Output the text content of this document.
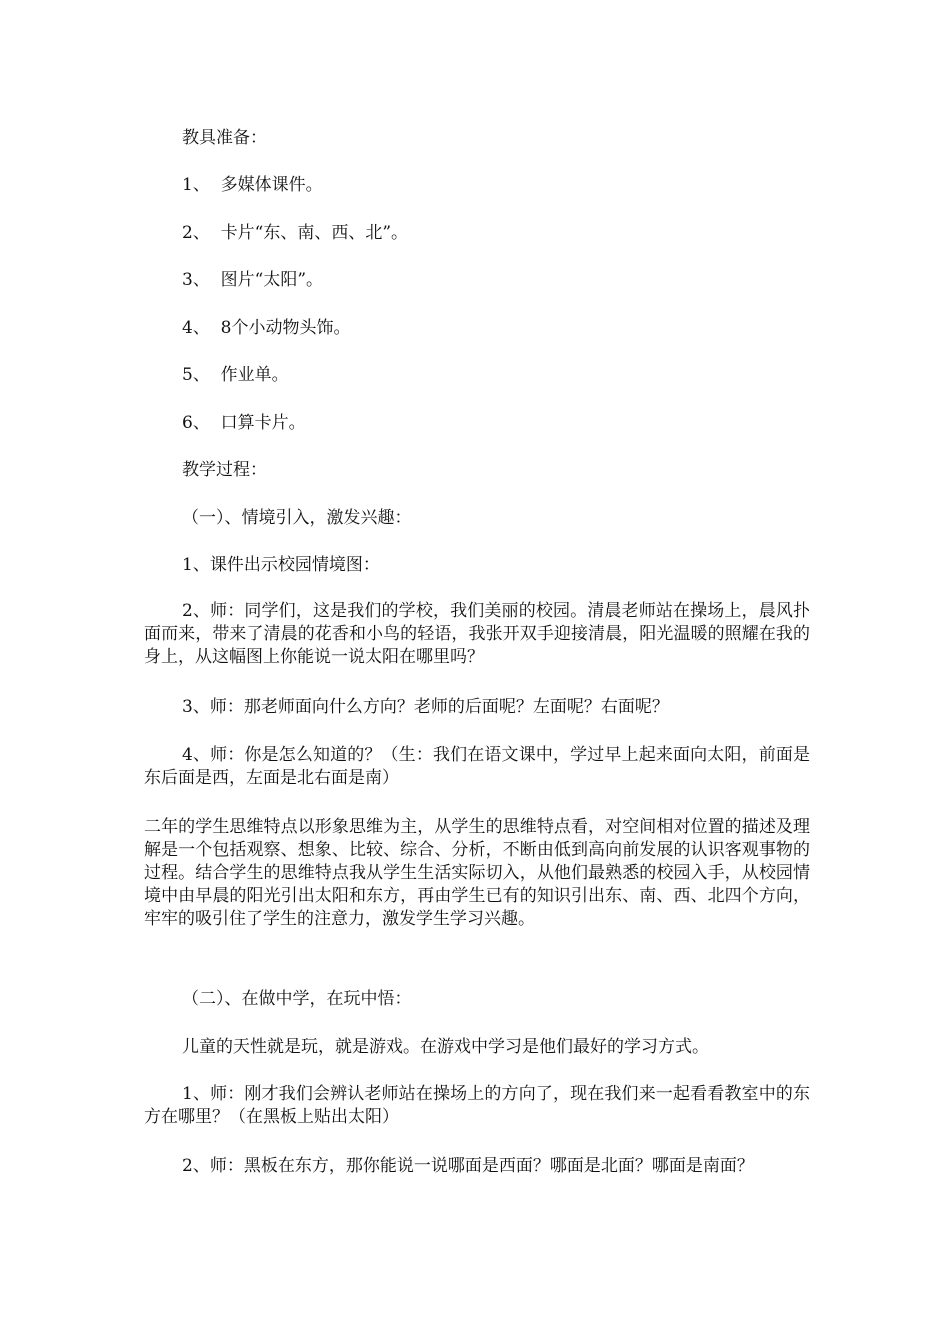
教具准备：

1、  多媒体课件。

2、  卡片“东、南、西、北”。

3、  图片“太阳”。

4、  8个小动物头饰。

5、  作业单。

6、  口算卡片。

教学过程：

（一）、情境引入，激发兴趣：

1、课件出示校园情境图：

2、师：同学们，这是我们的学校，我们美丽的校园。清晨老师站在操场上，晨风扑面而来，带来了清晨的花香和小鸟的轻语，我张开双手迎接清晨，阳光温暖的照耀在我的身上，从这幅图上你能说一说太阳在哪里吗？

3、师：那老师面向什么方向？老师的后面呢？左面呢？右面呢？

4、师：你是怎么知道的？（生：我们在语文课中，学过早上起来面向太阳，前面是东后面是西，左面是北右面是南）

二年的学生思维特点以形象思维为主，从学生的思维特点看，对空间相对位置的描述及理解是一个包括观察、想象、比较、综合、分析，不断由低到高向前发展的认识客观事物的过程。结合学生的思维特点我从学生生活实际切入，从他们最熟悉的校园入手，从校园情境中由早晨的阳光引出太阳和东方，再由学生已有的知识引出东、南、西、北四个方向，牢牢的吸引住了学生的注意力，激发学生学习兴趣。

（二）、在做中学，在玩中悟：

儿童的天性就是玩，就是游戏。在游戏中学习是他们最好的学习方式。

1、师：刚才我们会辨认老师站在操场上的方向了，现在我们来一起看看教室中的东方在哪里？（在黑板上贴出太阳）

2、师：黑板在东方，那你能说一说哪面是西面？哪面是北面？哪面是南面？
